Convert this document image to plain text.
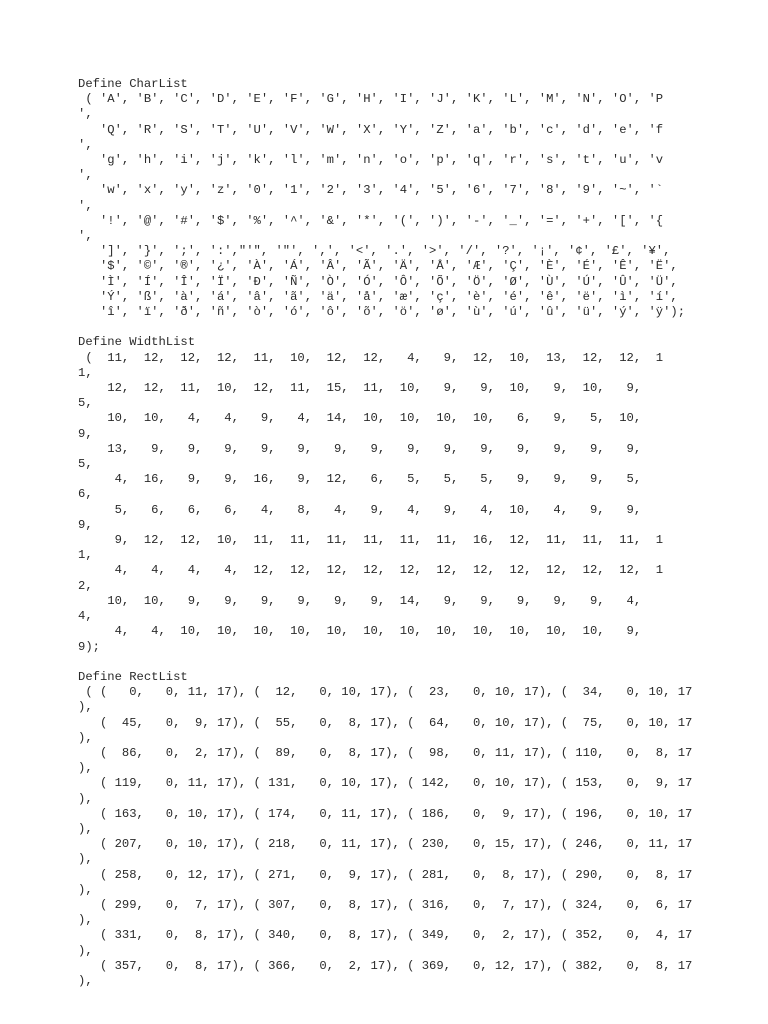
Define CharList
( 'A', 'B', 'C', 'D', 'E', 'F', 'G', 'H', 'I', 'J', 'K', 'L', 'M', 'N', 'O', 'P
',
'Q', 'R', 'S', 'T', 'U', 'V', 'W', 'X', 'Y', 'Z', 'a', 'b', 'c', 'd', 'e', 'f
',
'g', 'h', 'i', 'j', 'k', 'l', 'm', 'n', 'o', 'p', 'q', 'r', 's', 't', 'u', 'v
',
'w', 'x', 'y', 'z', '0', '1', '2', '3', '4', '5', '6', '7', '8', '9', '~', '`
',
'!', '@', '#', '$', '%', '^', '&', '*', '(', ')', '-', '_', '=', '+', '[', '{
',
']', '}', ';', ':',"'", '"', ',', '<', '.', '>', '/', '?', '¡', '¢', '£', '¥',
'$', '©', '®', '¿', 'À', 'Á', 'Â', 'Ã', 'Ä', 'Å', 'Æ', 'Ç', 'È', 'É', 'Ê', 'Ë',
'Ì', 'Í', 'Î', 'Ï', 'Ð', 'Ñ', 'Ò', 'Ó', 'Ô', 'Õ', 'Ö', 'Ø', 'Ù', 'Ú', 'Û', 'Ü',
'Ý', 'ß', 'à', 'á', 'â', 'ã', 'ä', 'å', 'æ', 'ç', 'è', 'é', 'ê', 'ë', 'ì', 'í',
'î', 'ï', 'ð', 'ñ', 'ò', 'ó', 'ô', 'õ', 'ö', 'ø', 'ù', 'ú', 'û', 'ü', 'ý', 'ÿ');
Define WidthList
(  11,  12,  12,  12,  11,  10,  12,  12,   4,   9,  12,  10,  13,  12,  12,  1
1,
12,  12,  11,  10,  12,  11,  15,  11,  10,   9,   9,  10,   9,  10,   9,
5,
10,  10,   4,   4,   9,   4,  14,  10,  10,  10,  10,   6,   9,   5,  10,
9,
13,   9,   9,   9,   9,   9,   9,   9,   9,   9,   9,   9,   9,   9,   9,
5,
4,  16,   9,   9,  16,   9,  12,   6,   5,   5,   5,   9,   9,   9,   5,
6,
5,   6,   6,   6,   4,   8,   4,   9,   4,   9,   4,  10,   4,   9,   9,
9,
9,  12,  12,  10,  11,  11,  11,  11,  11,  11,  16,  12,  11,  11,  11,  1
1,
4,   4,   4,   4,  12,  12,  12,  12,  12,  12,  12,  12,  12,  12,  12,  1
2,
10,  10,   9,   9,   9,   9,   9,   9,  14,   9,   9,   9,   9,   9,   4,
4,
4,   4,  10,  10,  10,  10,  10,  10,  10,  10,  10,  10,  10,  10,   9,
9);
Define RectList
( (   0,   0, 11, 17), (  12,   0, 10, 17), (  23,   0, 10, 17), (  34,   0, 10, 17
),
(  45,   0,  9, 17), (  55,   0,  8, 17), (  64,   0, 10, 17), (  75,   0, 10, 17
),
(  86,   0,  2, 17), (  89,   0,  8, 17), (  98,   0, 11, 17), ( 110,   0,  8, 17
),
( 119,   0, 11, 17), ( 131,   0, 10, 17), ( 142,   0, 10, 17), ( 153,   0,  9, 17
),
( 163,   0, 10, 17), ( 174,   0, 11, 17), ( 186,   0,  9, 17), ( 196,   0, 10, 17
),
( 207,   0, 10, 17), ( 218,   0, 11, 17), ( 230,   0, 15, 17), ( 246,   0, 11, 17
),
( 258,   0, 12, 17), ( 271,   0,  9, 17), ( 281,   0,  8, 17), ( 290,   0,  8, 17
),
( 299,   0,  7, 17), ( 307,   0,  8, 17), ( 316,   0,  7, 17), ( 324,   0,  6, 17
),
( 331,   0,  8, 17), ( 340,   0,  8, 17), ( 349,   0,  2, 17), ( 352,   0,  4, 17
),
( 357,   0,  8, 17), ( 366,   0,  2, 17), ( 369,   0, 12, 17), ( 382,   0,  8, 17
),
